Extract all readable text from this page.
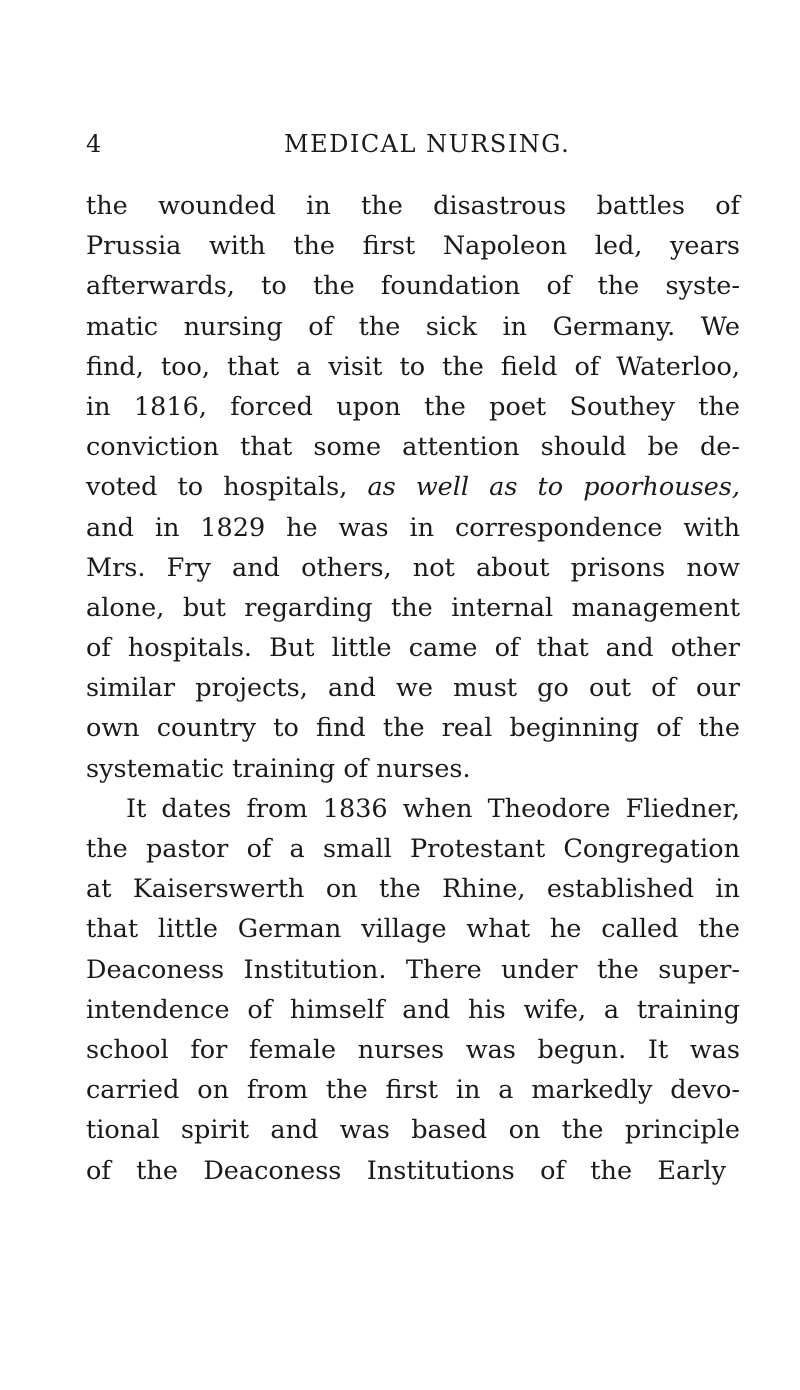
4	MEDICAL NURSING.
the wounded in the disastrous battles of
Prussia with the first Napoleon led, years
afterwards, to the foundation of the syste-
matic nursing of the sick in Germany. We
find, too, that a visit to the field of Waterloo,
in 1816, forced upon the poet Southey the
conviction that some attention should be de-
voted to hospitals, as well as to poorhouses,
and in 1829 he was in correspondence with
Mrs. Fry and others, not about prisons now
alone, but regarding the internal management
of hospitals. But little came of that and other
similar projects, and we must go out of our
own country to find the real beginning of the
systematic training of nurses.
It dates from 1836 when Theodore Fliedner,
the pastor of a small Protestant Congregation
at Kaiserswerth on the Rhine, established in
that little German village what he called the
Deaconess Institution. There under the super-
intendence of himself and his wife, a training
school for female nurses was begun. It was
carried on from the first in a markedly devo-
tional spirit and was based on the principle
of the Deaconess Institutions of the Early
